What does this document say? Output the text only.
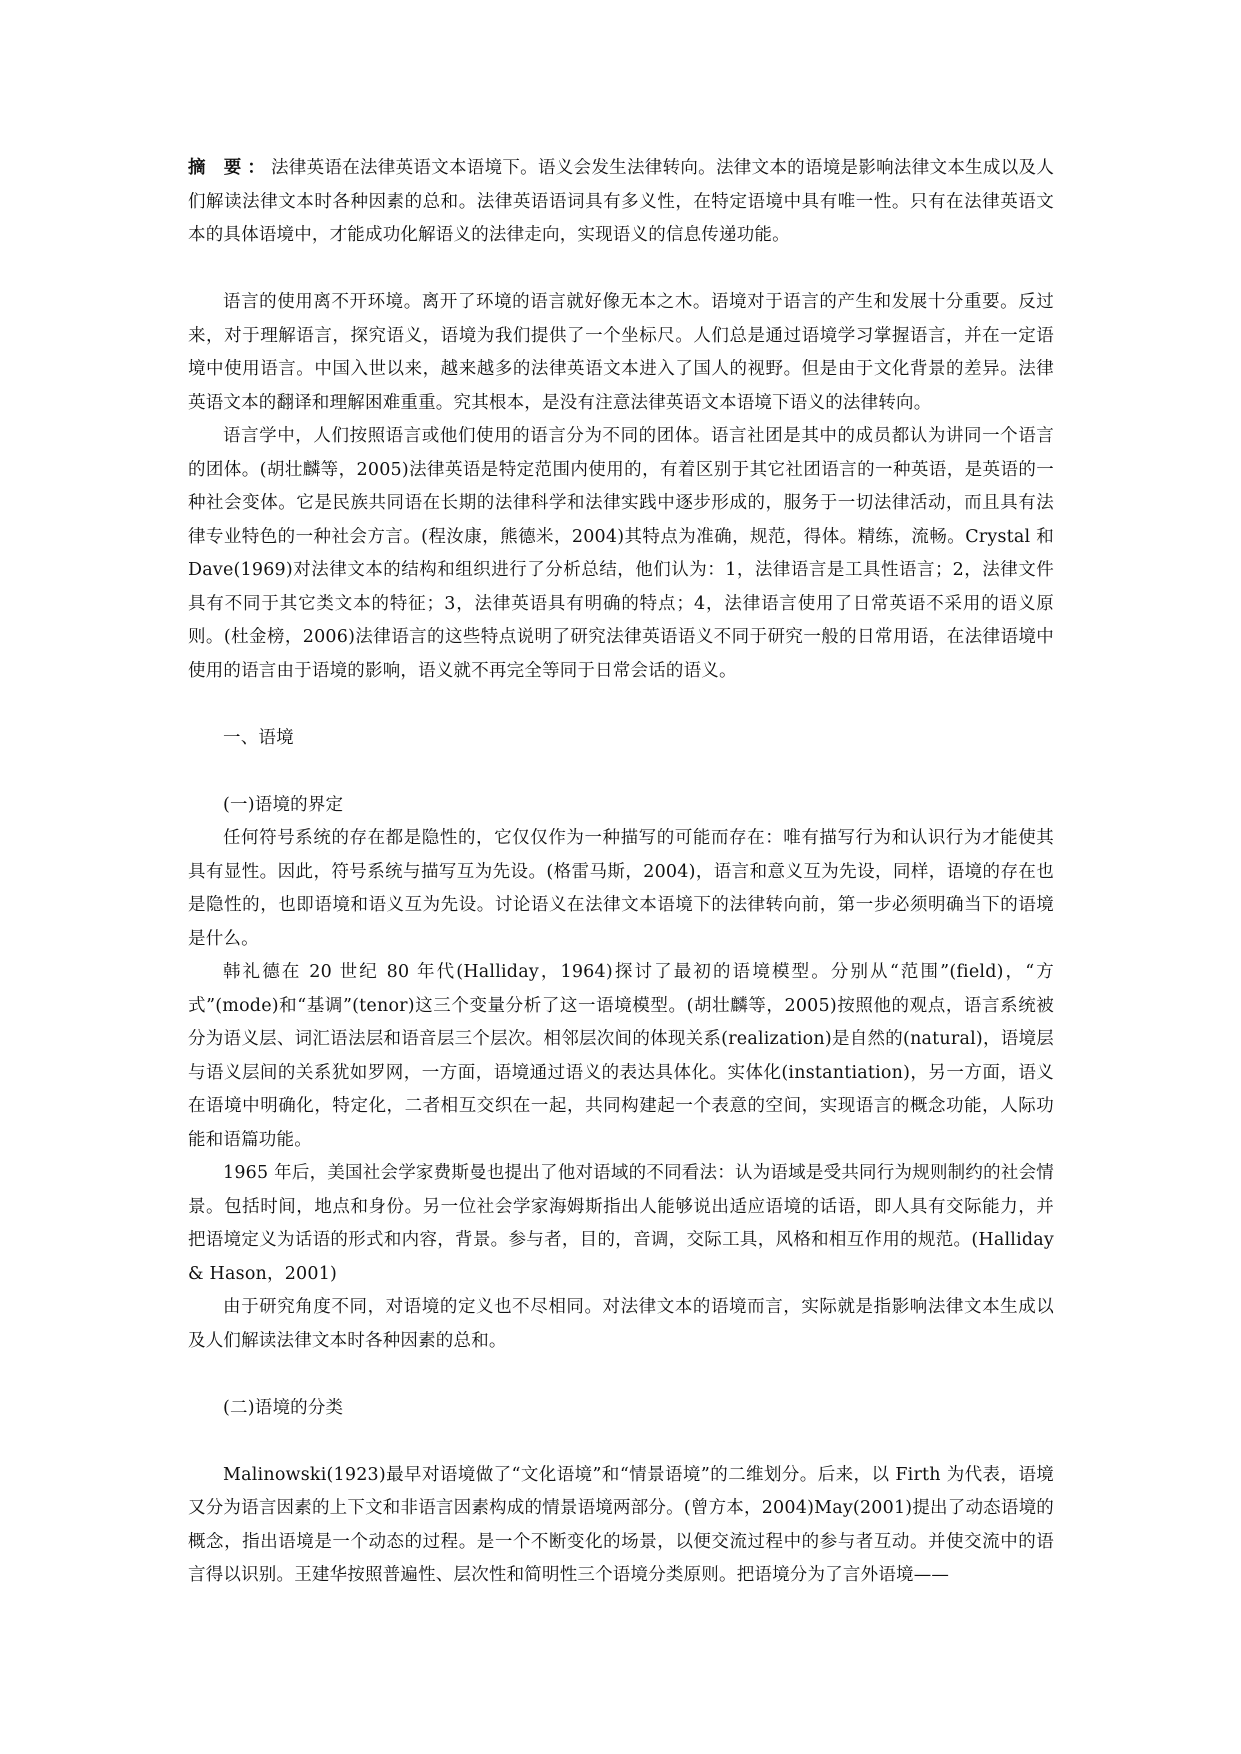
摘 要：法律英语在法律英语文本语境下。语义会发生法律转向。法律文本的语境是影响法律文本生成以及人们解读法律文本时各种因素的总和。法律英语语词具有多义性，在特定语境中具有唯一性。只有在法律英语文本的具体语境中，才能成功化解语义的法律走向，实现语义的信息传递功能。

语言的使用离不开环境。离开了环境的语言就好像无本之木。语境对于语言的产生和发展十分重要。反过来，对于理解语言，探究语义，语境为我们提供了一个坐标尺。人们总是通过语境学习掌握语言，并在一定语境中使用语言。中国入世以来，越来越多的法律英语文本进入了国人的视野。但是由于文化背景的差异。法律英语文本的翻译和理解困难重重。究其根本，是没有注意法律英语文本语境下语义的法律转向。

语言学中，人们按照语言或他们使用的语言分为不同的团体。语言社团是其中的成员都认为讲同一个语言的团体。(胡壮麟等，2005)法律英语是特定范围内使用的，有着区别于其它社团语言的一种英语，是英语的一种社会变体。它是民族共同语在长期的法律科学和法律实践中逐步形成的，服务于一切法律活动，而且具有法律专业特色的一种社会方言。(程汝康，熊德米，2004)其特点为准确，规范，得体。精练，流畅。Crystal 和 Dave(1969)对法律文本的结构和组织进行了分析总结，他们认为：1，法律语言是工具性语言；2，法律文件具有不同于其它类文本的特征；3，法律英语具有明确的特点；4，法律语言使用了日常英语不采用的语义原则。(杜金榜，2006)法律语言的这些特点说明了研究法律英语语义不同于研究一般的日常用语，在法律语境中使用的语言由于语境的影响，语义就不再完全等同于日常会话的语义。

一、语境

(一)语境的界定

任何符号系统的存在都是隐性的，它仅仅作为一种描写的可能而存在：唯有描写行为和认识行为才能使其具有显性。因此，符号系统与描写互为先设。(格雷马斯，2004)，语言和意义互为先设，同样，语境的存在也是隐性的，也即语境和语义互为先设。讨论语义在法律文本语境下的法律转向前，第一步必须明确当下的语境是什么。

韩礼德在 20 世纪 80 年代(Halliday，1964)探讨了最初的语境模型。分别从“范围”(field)，“方式”(mode)和“基调”(tenor)这三个变量分析了这一语境模型。(胡壮麟等，2005)按照他的观点，语言系统被分为语义层、词汇语法层和语音层三个层次。相邻层次间的体现关系(realization)是自然的(natural)，语境层与语义层间的关系犹如罗网，一方面，语境通过语义的表达具体化。实体化(instantiation)，另一方面，语义在语境中明确化，特定化，二者相互交织在一起，共同构建起一个表意的空间，实现语言的概念功能，人际功能和语篇功能。

1965 年后，美国社会学家费斯曼也提出了他对语域的不同看法：认为语域是受共同行为规则制约的社会情景。包括时间，地点和身份。另一位社会学家海姆斯指出人能够说出适应语境的话语，即人具有交际能力，并把语境定义为话语的形式和内容，背景。参与者，目的，音调，交际工具，风格和相互作用的规范。(Halliday & Hason，2001)

由于研究角度不同，对语境的定义也不尽相同。对法律文本的语境而言，实际就是指影响法律文本生成以及人们解读法律文本时各种因素的总和。

(二)语境的分类

Malinowski(1923)最早对语境做了“文化语境”和“情景语境”的二维划分。后来，以 Firth 为代表，语境又分为语言因素的上下文和非语言因素构成的情景语境两部分。(曾方本，2004)May(2001)提出了动态语境的概念，指出语境是一个动态的过程。是一个不断变化的场景，以便交流过程中的参与者互动。并使交流中的语言得以识别。王建华按照普遍性、层次性和简明性三个语境分类原则。把语境分为了言外语境——
